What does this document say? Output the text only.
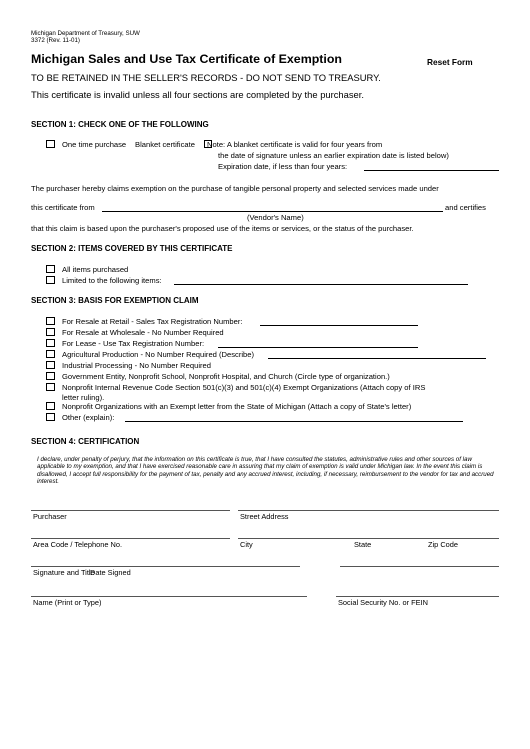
Michigan Department of Treasury, SUW
3372 (Rev. 11-01)
Michigan Sales and Use Tax Certificate of Exemption	Reset Form
TO BE RETAINED IN THE SELLER'S RECORDS - DO NOT SEND TO TREASURY.
This certificate is invalid unless all four sections are completed by the purchaser.
SECTION 1: CHECK ONE OF THE FOLLOWING
One time purchase Blanket certificate Note: A blanket certificate is valid for four years from
the date of signature unless an earlier expiration date is listed below)
Expiration date, if less than four years:
The purchaser hereby claims exemption on the purchase of tangible personal property and selected services made under
this certificate from	and certifies
(Vendor's Name)
that this claim is based upon the purchaser's proposed use of the items or services, or the status of the purchaser.
SECTION 2: ITEMS COVERED BY THIS CERTIFICATE
All items purchased
Limited to the following items:
SECTION 3: BASIS FOR EXEMPTION CLAIM
For Resale at Retail - Sales Tax Registration Number:
For Resale at Wholesale - No Number Required
For Lease - Use Tax Registration Number:
Agricultural Production - No Number Required (Describe)
Industrial Processing - No Number Required
Government Entity, Nonprofit School, Nonprofit Hospital, and Church (Circle type of organization.)
Nonprofit Internal Revenue Code Section 501(c)(3) and 501(c)(4) Exempt Organizations (Attach copy of IRS
letter ruling).
Nonprofit Organizations with an Exempt letter from the State of Michigan (Attach a copy of State's letter)
Other (explain):
SECTION 4: CERTIFICATION
I declare, under penalty of perjury, that the information on this certificate is true, that I have consulted the statutes, administrative rules and other sources of law applicable to my exemption, and that I have exercised reasonable care in assuring that my claim of exemption is valid under Michigan law. In the event this claim is disallowed, I accept full responsibility for the payment of tax, penalty and any accrued interest, including, if necessary, reimbursement to the vendor for tax and accrued interest.
Purchaser	Street Address
Area Code / Telephone No.	City	State	Zip Code
Signature and Title
Date Signed
Name (Print or Type)	Social Security No. or FEIN
